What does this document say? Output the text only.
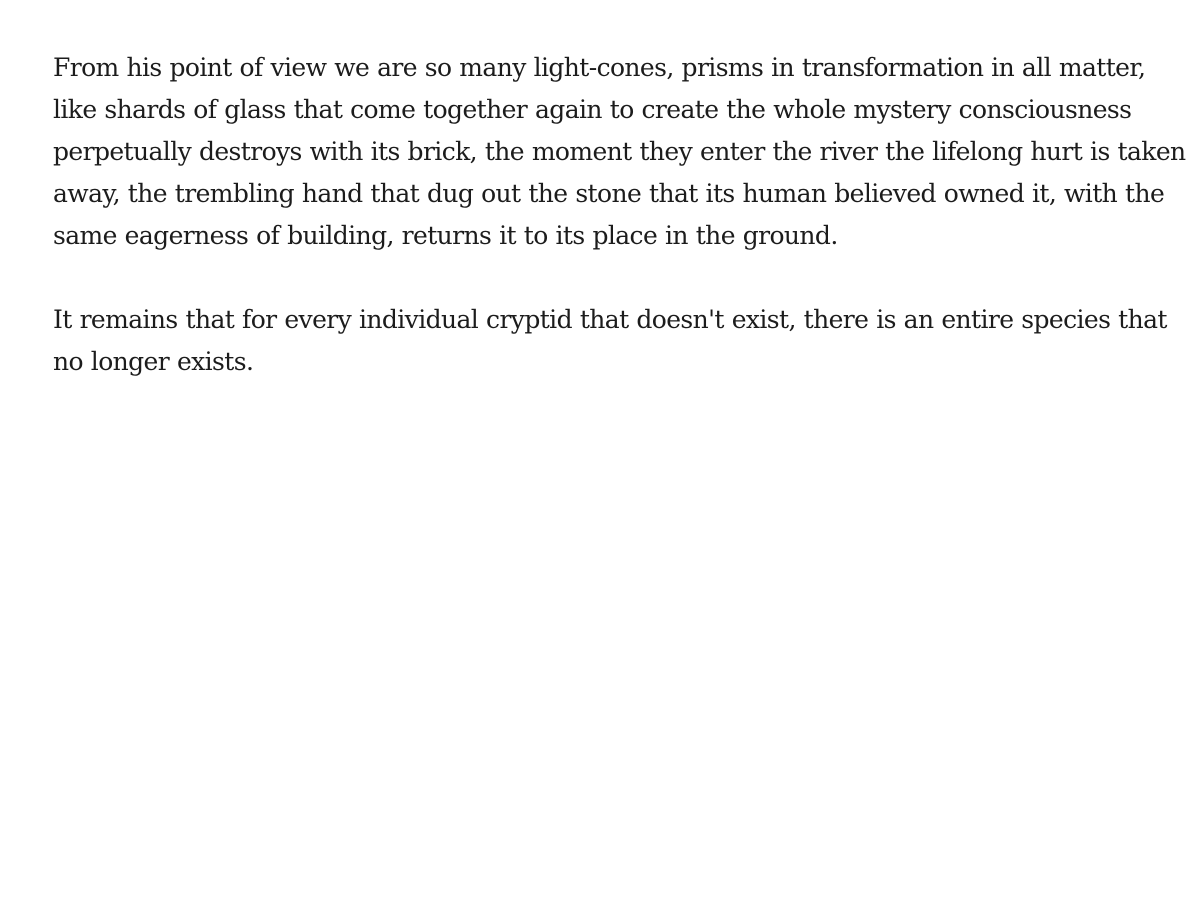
From his point of view we are so many light-cones, prisms in transformation in all matter,
like shards of glass that come together again to create the whole mystery consciousness
perpetually destroys with its brick, the moment they enter the river the lifelong hurt is taken
away, the trembling hand that dug out the stone that its human believed owned it, with the
same eagerness of building, returns it to its place in the ground.

It remains that for every individual cryptid that doesn't exist, there is an entire species that
no longer exists.
